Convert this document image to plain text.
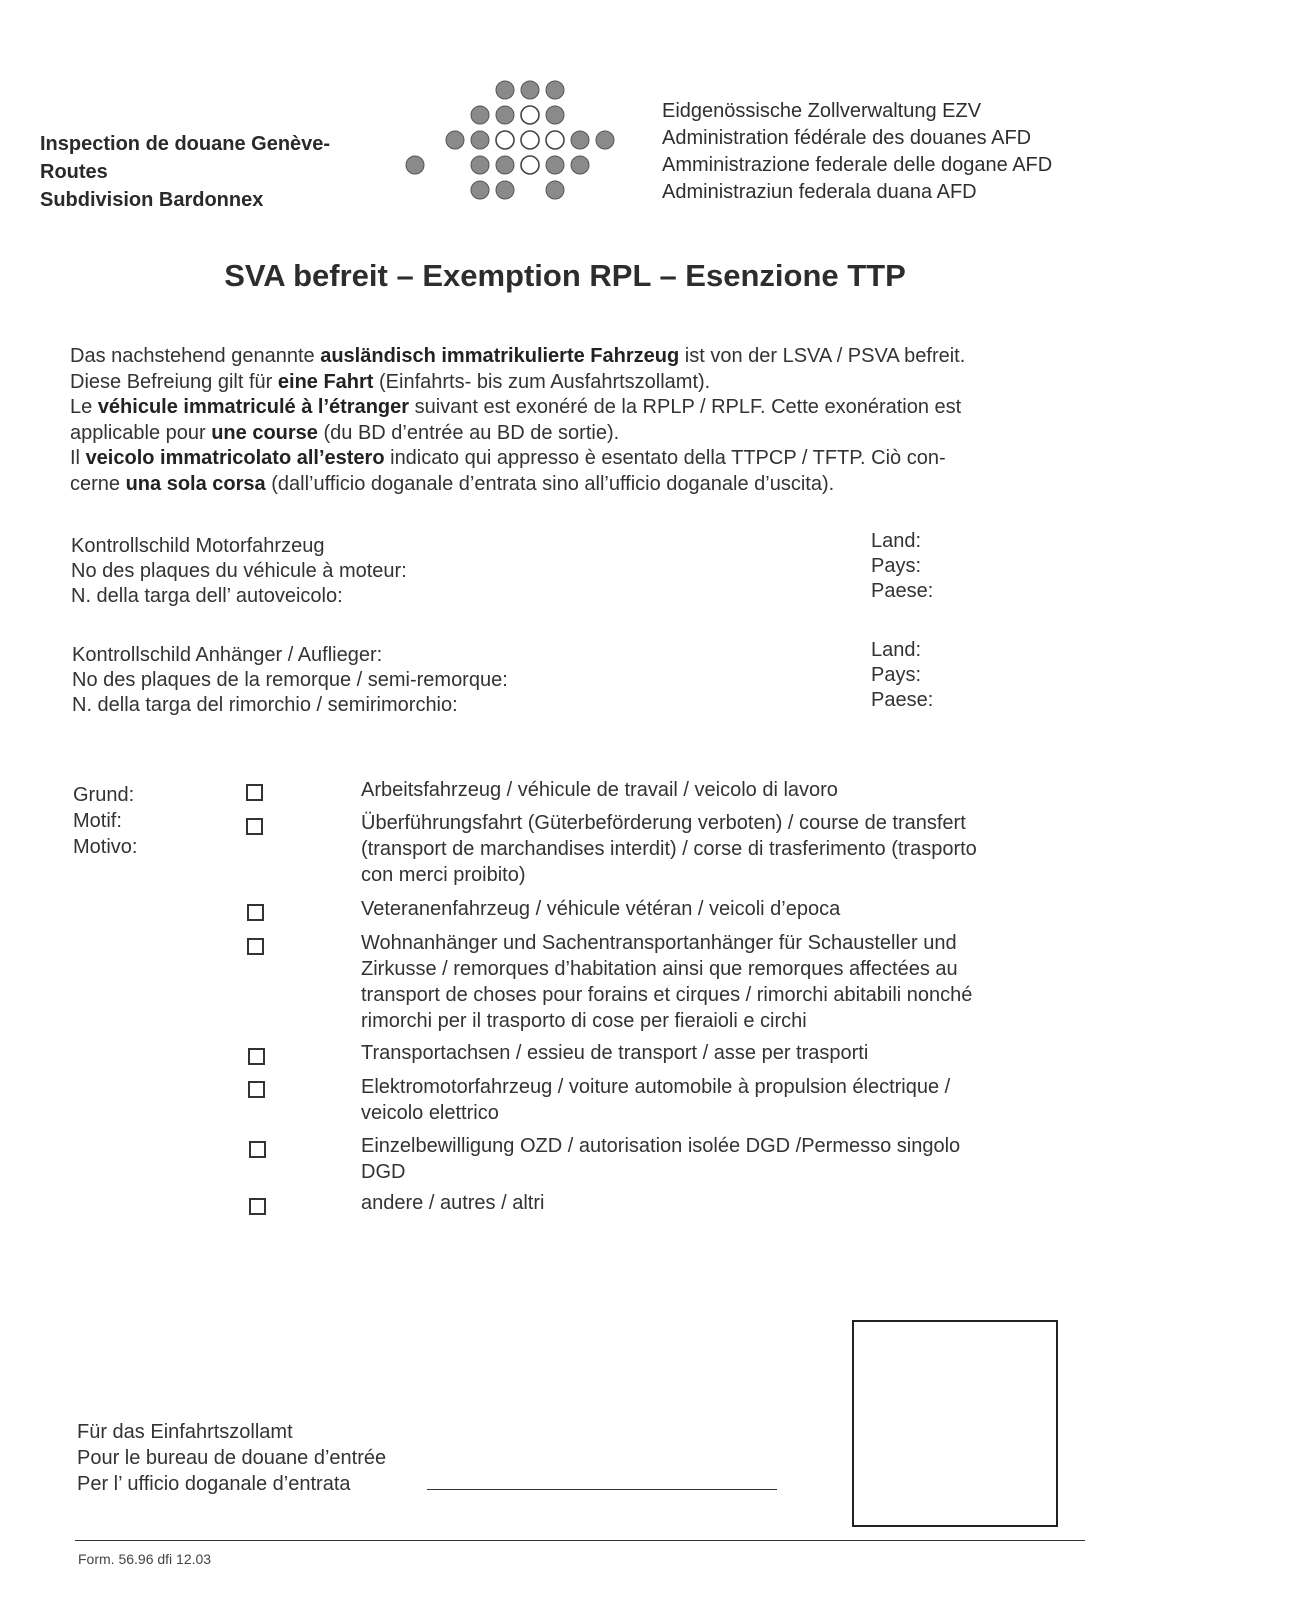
Inspection de douane Genève-
Routes
Subdivision Bardonnex
Eidgenössische Zollverwaltung EZV
Administration fédérale des douanes AFD
Amministrazione federale delle dogane AFD
Administraziun federala duana AFD
SVA befreit – Exemption RPL – Esenzione TTP
Das nachstehend genannte ausländisch immatrikulierte Fahrzeug ist von der LSVA / PSVA befreit.
Diese Befreiung gilt für eine Fahrt (Einfahrts- bis zum Ausfahrtszollamt).
Le véhicule immatriculé à l’étranger suivant est exonéré de la RPLP / RPLF. Cette exonération est
applicable pour une course (du BD d’entrée au BD de sortie).
Il veicolo immatricolato all’estero indicato qui appresso è esentato della TTPCP / TFTP. Ciò con-
cerne una sola corsa (dall’ufficio doganale d’entrata sino all’ufficio doganale d’uscita).
Kontrollschild Motorfahrzeug
No des plaques du véhicule à moteur:
N. della targa dell’ autoveicolo:
Land:
Pays:
Paese:
Kontrollschild Anhänger / Auflieger:
No des plaques de la remorque / semi-remorque:
N. della targa del rimorchio / semirimorchio:
Land:
Pays:
Paese:
Grund:
Motif:
Motivo:
Arbeitsfahrzeug / véhicule de travail / veicolo di lavoro
Überführungsfahrt (Güterbeförderung verboten) / course de transfert
(transport de marchandises interdit) / corse di trasferimento (trasporto
con merci proibito)
Veteranenfahrzeug / véhicule vétéran / veicoli d’epoca
Wohnanhänger und Sachentransportanhänger für Schausteller und
Zirkusse / remorques d’habitation ainsi que remorques affectées au
transport de choses pour forains et cirques / rimorchi abitabili nonché
rimorchi per il trasporto di cose per fieraioli e circhi
Transportachsen / essieu de transport / asse per trasporti
Elektromotorfahrzeug / voiture automobile à propulsion électrique /
veicolo elettrico
Einzelbewilligung OZD / autorisation isolée DGD /Permesso singolo
DGD
andere / autres / altri
Für das Einfahrtszollamt
Pour le bureau de douane d’entrée
Per l’ ufficio doganale d’entrata
Form. 56.96 dfi 12.03
